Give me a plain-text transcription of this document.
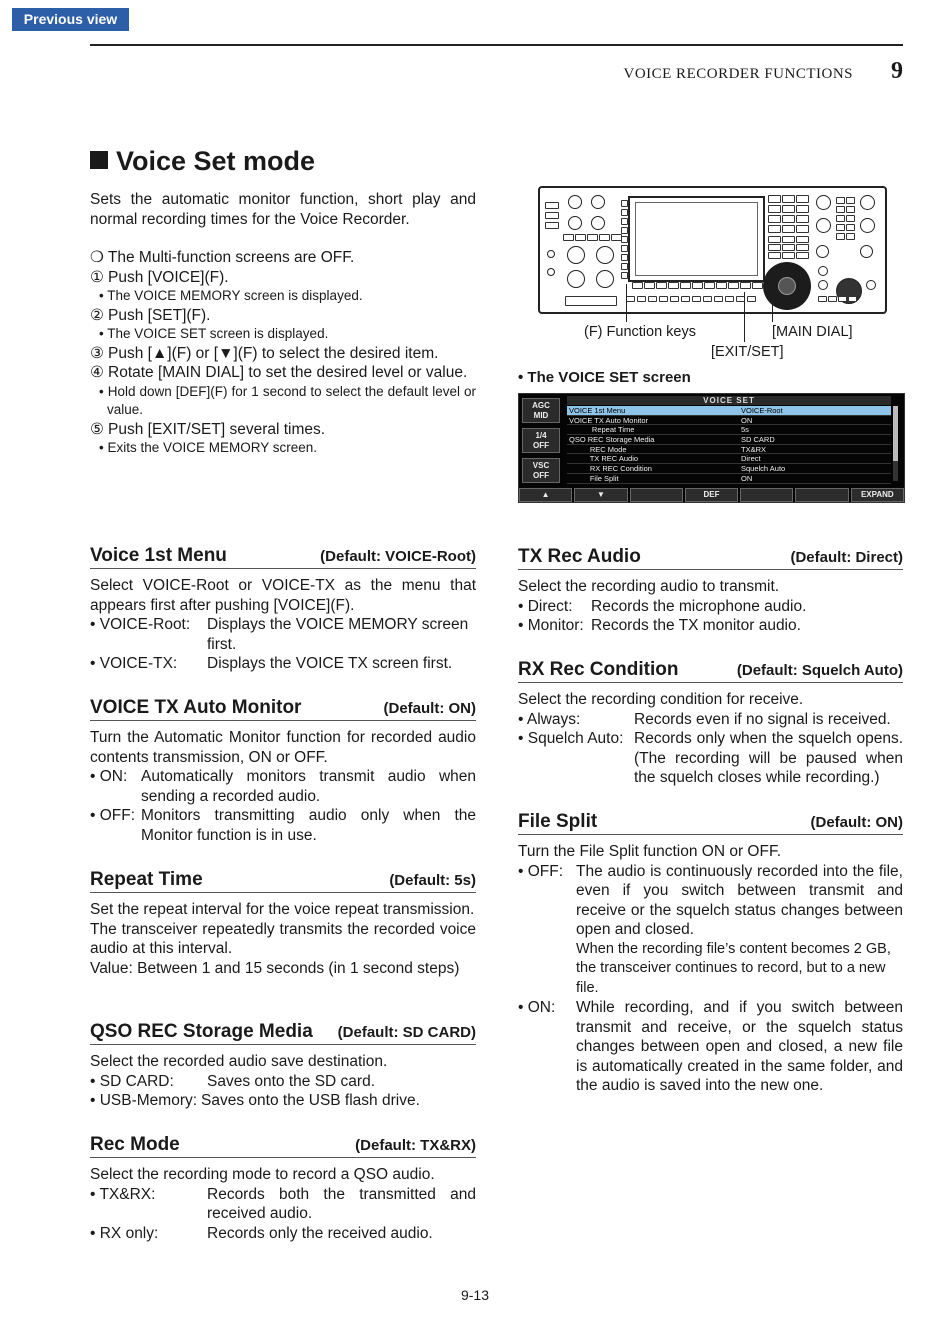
Previous view
VOICE RECORDER FUNCTIONS 9
Voice Set mode

Sets the automatic monitor function, short play and normal recording times for the Voice Recorder.

❍ The Multi-function screens are OFF.

① Push [VOICE](F).
• The VOICE MEMORY screen is displayed.
② Push [SET](F).
• The VOICE SET screen is displayed.
③ Push [▲](F) or [▼](F) to select the desired item.
④ Rotate [MAIN DIAL] to set the desired level or value.
• Hold down [DEF](F) for 1 second to select the default level or value.
⑤ Push [EXIT/SET] several times.
• Exits the VOICE MEMORY screen.
(F) Function keys	[MAIN DIAL]
[EXIT/SET]
• The VOICE SET screen
AGC
MID
1/4
OFF
VSC
OFF
VOICE SET
VOICE 1st Menu	VOICE-Root
VOICE TX Auto Monitor	ON
Repeat Time	5s
QSO REC Storage Media	SD CARD
REC Mode	TX&RX
TX REC Audio	Direct
RX REC Condition	Squelch Auto
File Split	ON
▲	▼	DEF	EXPAND
Voice 1st Menu	(Default: VOICE-Root)

Select VOICE-Root or VOICE-TX as the menu that appears first after pushing [VOICE](F).

• VOICE-Root:	Displays the VOICE MEMORY screen first.
• VOICE-TX:	Displays the VOICE TX screen first.
VOICE TX Auto Monitor	(Default: ON)

Turn the Automatic Monitor function for recorded audio contents transmission, ON or OFF.

• ON: Automatically monitors transmit audio when sending a recorded audio.
• OFF: Monitors transmitting audio only when the Monitor function is in use.
Repeat Time	(Default: 5s)

Set the repeat interval for the voice repeat transmission.

The transceiver repeatedly transmits the recorded voice audio at this interval.

Value: Between 1 and 15 seconds (in 1 second steps)

QSO REC Storage Media (Default: SD CARD)

Select the recorded audio save destination.

• SD CARD:	Saves onto the SD card.
• USB-Memory: Saves onto the USB flash drive.
Rec Mode	(Default: TX&RX)

Select the recording mode to record a QSO audio.

• TX&RX:	Records both the transmitted and received audio.
• RX only:	Records only the received audio.
TX Rec Audio	(Default: Direct)

Select the recording audio to transmit.

• Direct:	Records the microphone audio.
• Monitor: Records the TX monitor audio.
RX Rec Condition	(Default: Squelch Auto)

Select the recording condition for receive.

• Always:	Records even if no signal is received.
• Squelch Auto: Records only when the squelch opens. (The recording will be paused when the squelch closes while recording.)
File Split	(Default: ON)

Turn the File Split function ON or OFF.

• OFF: The audio is continuously recorded into the file, even if you switch between transmit and receive or the squelch status changes between open and closed.

When the recording file’s content becomes 2 GB, the transceiver continues to record, but to a new file.
• ON:	While recording, and if you switch between transmit and receive, or the squelch status changes between open and closed, a new file is automatically created in the same folder, and the audio is saved into the new one.
9-13
